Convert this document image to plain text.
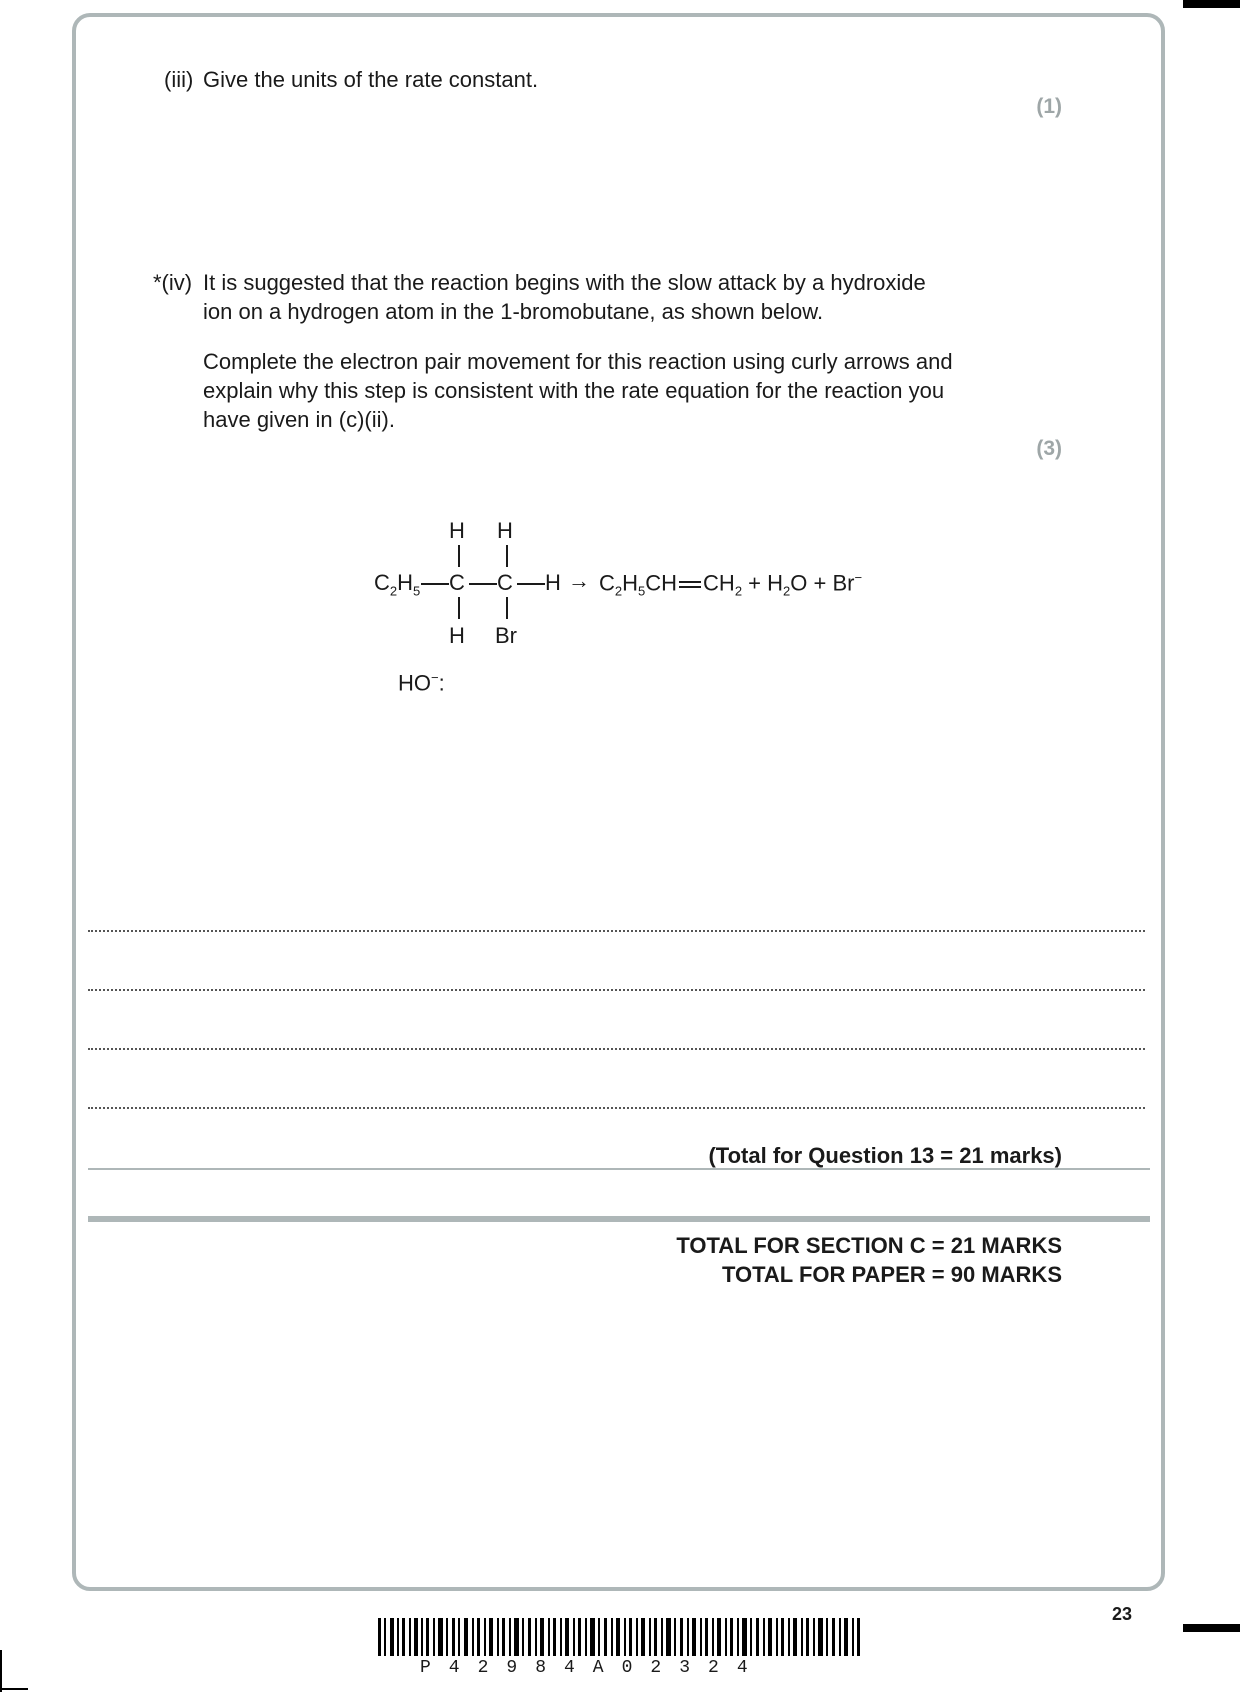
(iii) Give the units of the rate constant.
(1)
*(iv) It is suggested that the reaction begins with the slow attack by a hydroxide
ion on a hydrogen atom in the 1-bromobutane, as shown below.
Complete the electron pair movement for this reaction using curly arrows and
explain why this step is consistent with the rate equation for the reaction you
have given in (c)(ii).
(3)
H H
$C_2H_5$ C C $H \to C_2H_5CH$ $CH_2 + H_2O + Br^-$
H Br
HO−:
(Total for Question 13 = 21 marks)
TOTAL FOR SECTION C = 21 MARKS
TOTAL FOR PAPER = 90 MARKS
23
P42984A02324
